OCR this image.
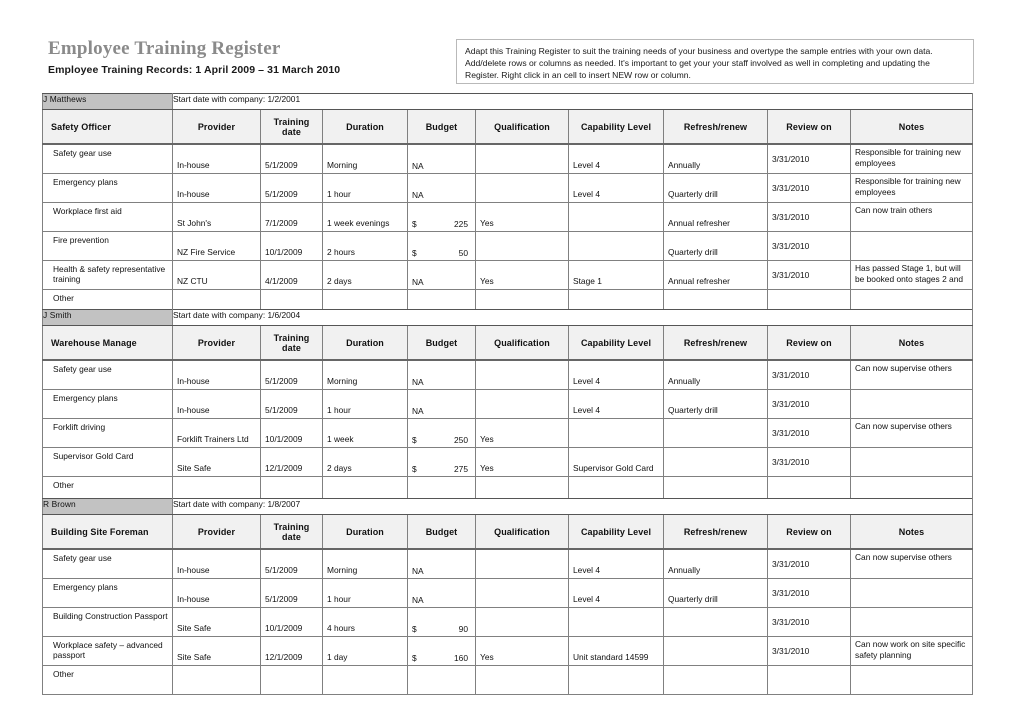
Employee Training Register
Employee Training Records: 1 April 2009 – 31 March 2010
Adapt this Training Register to suit the training needs of your business and overtype the sample entries with your own data. Add/delete rows or columns as needed. It's important to get your your staff involved as well in completing and updating the Register. Right click in an cell to insert NEW row or column.
J Matthews	Start date with company: 1/2/2001								
Safety Officer	Provider	Training date	Duration	Budget	Qualification	Capability Level	Refresh/renew	Review on	Notes
Safety gear use	In-house	5/1/2009	Morning	NA		Level 4	Annually	3/31/2010	Responsible for training new employees
Emergency plans	In-house	5/1/2009	1 hour	NA		Level 4	Quarterly drill	3/31/2010	Responsible for training new employees
Workplace first aid	St John's	7/1/2009	1 week evenings	$ 225	Yes		Annual refresher	3/31/2010	Can now train others
Fire prevention	NZ Fire Service	10/1/2009	2 hours	$ 50			Quarterly drill	3/31/2010	
Health & safety representative training	NZ CTU	4/1/2009	2 days	NA	Yes	Stage 1	Annual refresher	3/31/2010	Has passed Stage 1, but will be booked onto stages 2 and
Other				

J Smith	Start date with company: 1/6/2004								
Warehouse Manage	Provider	Training date	Duration	Budget	Qualification	Capability Level	Refresh/renew	Review on	Notes
Safety gear use	In-house	5/1/2009	Morning	NA		Level 4	Annually	3/31/2010	Can now supervise others
Emergency plans	In-house	5/1/2009	1 hour	NA		Level 4	Quarterly drill	3/31/2010	
Forklift driving	Forklift Trainers Ltd	10/1/2009	1 week	$ 250	Yes			3/31/2010	Can now supervise others
Supervisor Gold Card	Site Safe	12/1/2009	2 days	$ 275	Yes	Supervisor Gold Card		3/31/2010	
Other				

R Brown	Start date with company: 1/8/2007								
Building Site Foreman	Provider	Training date	Duration	Budget	Qualification	Capability Level	Refresh/renew	Review on	Notes
Safety gear use	In-house	5/1/2009	Morning	NA		Level 4	Annually	3/31/2010	Can now supervise others
Emergency plans	In-house	5/1/2009	1 hour	NA		Level 4	Quarterly drill	3/31/2010	
Building Construction Passport	Site Safe	10/1/2009	4 hours	$ 90				3/31/2010	
Workplace safety – advanced passport	Site Safe	12/1/2009	1 day	$ 160	Yes	Unit standard 14599		3/31/2010	Can now work on site specific safety planning
Other				
